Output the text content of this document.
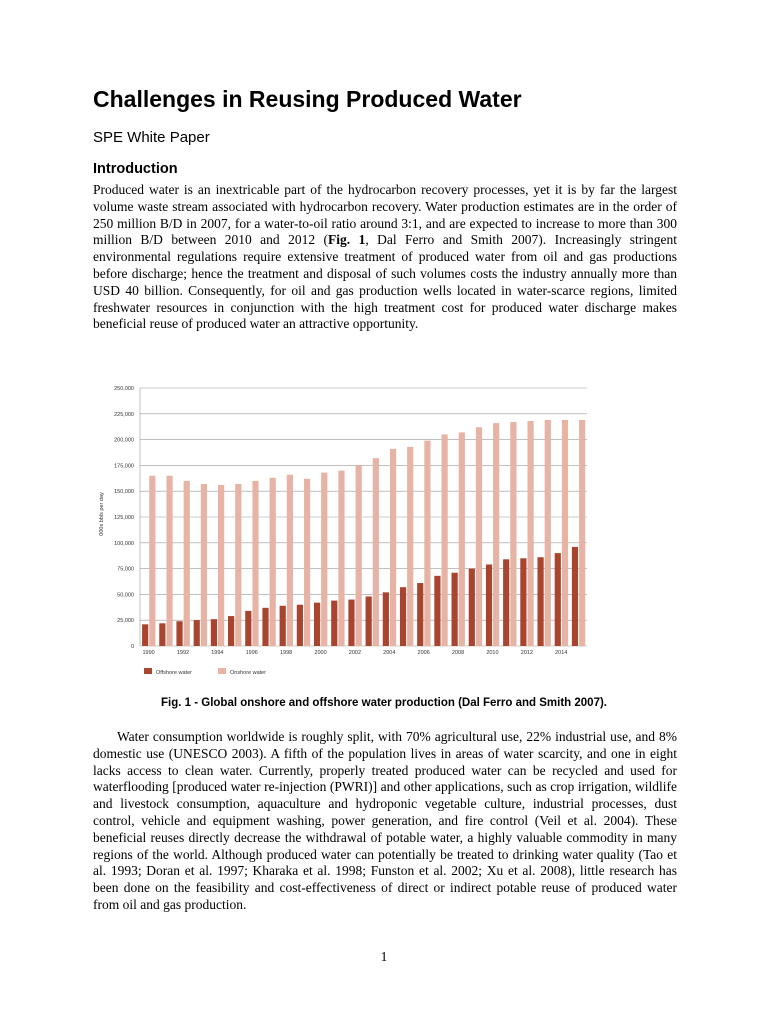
Challenges in Reusing Produced Water
SPE White Paper
Introduction

Produced water is an inextricable part of the hydrocarbon recovery processes, yet it is by far the largest volume waste stream associated with hydrocarbon recovery. Water production estimates are in the order of 250 million B/D in 2007, for a water-to-oil ratio around 3:1, and are expected to increase to more than 300 million B/D between 2010 and 2012 (Fig. 1, Dal Ferro and Smith 2007). Increasingly stringent environmental regulations require extensive treatment of produced water from oil and gas productions before discharge; hence the treatment and disposal of such volumes costs the industry annually more than USD 40 billion. Consequently, for oil and gas production wells located in water-scarce regions, limited freshwater resources in conjunction with the high treatment cost for produced water discharge makes beneficial reuse of produced water an attractive opportunity.

0
25,000
50,000
75,000
100,000
125,000
150,000
175,000
200,000
225,000
250,000
1990	1992	1994	1996	1998	2000	2002	2004	2006	2008	2010	2012	2014
000s bbls per day
Offshore water	Onshore water
Fig. 1 - Global onshore and offshore water production (Dal Ferro and Smith 2007).

Water consumption worldwide is roughly split, with 70% agricultural use, 22% industrial use, and 8% domestic use (UNESCO 2003). A fifth of the population lives in areas of water scarcity, and one in eight lacks access to clean water. Currently, properly treated produced water can be recycled and used for waterflooding [produced water re-injection (PWRI)] and other applications, such as crop irrigation, wildlife and livestock consumption, aquaculture and hydroponic vegetable culture, industrial processes, dust control, vehicle and equipment washing, power generation, and fire control (Veil et al. 2004). These beneficial reuses directly decrease the withdrawal of potable water, a highly valuable commodity in many regions of the world. Although produced water can potentially be treated to drinking water quality (Tao et al. 1993; Doran et al. 1997; Kharaka et al. 1998; Funston et al. 2002; Xu et al. 2008), little research has been done on the feasibility and cost-effectiveness of direct or indirect potable reuse of produced water from oil and gas production.

1
